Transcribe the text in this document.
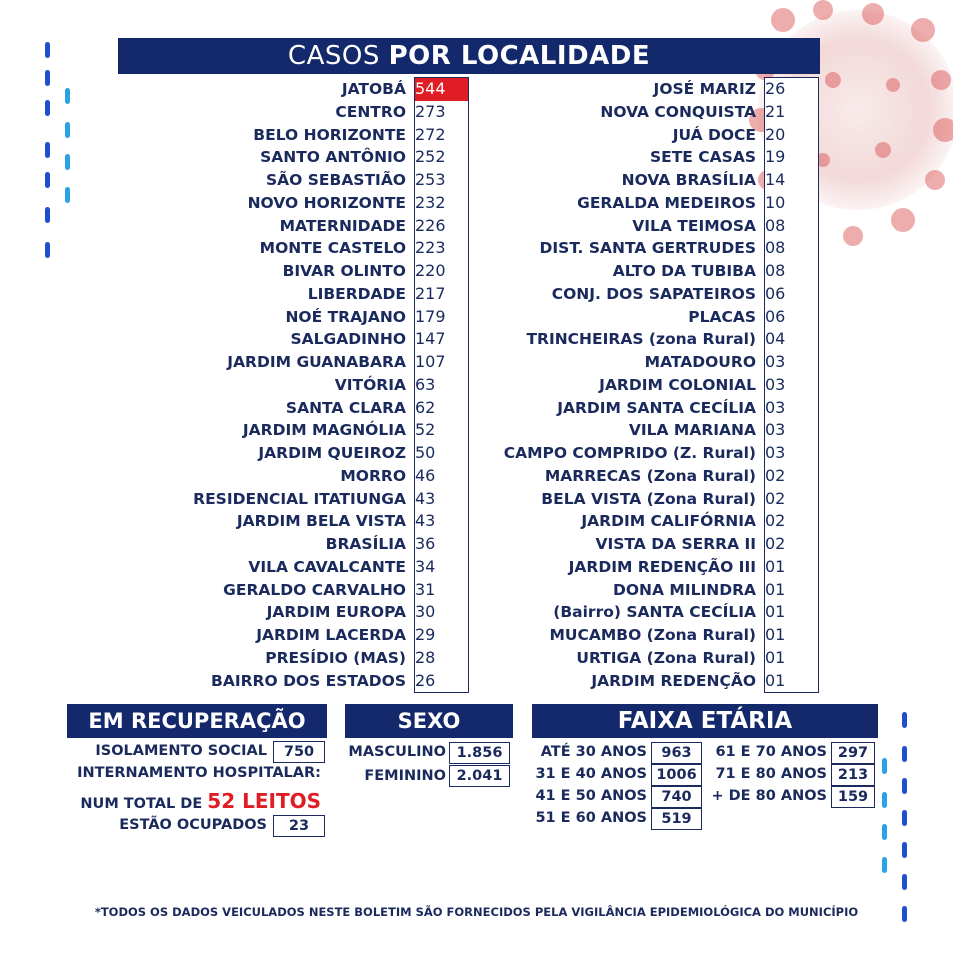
CASOS POR LOCALIDADE
JATOBÁ
CENTRO
BELO HORIZONTE
SANTO ANTÔNIO
SÃO SEBASTIÃO
NOVO HORIZONTE
MATERNIDADE
MONTE CASTELO
BIVAR OLINTO
LIBERDADE
NOÉ TRAJANO
SALGADINHO
JARDIM GUANABARA
VITÓRIA
SANTA CLARA
JARDIM MAGNÓLIA
JARDIM QUEIROZ
MORRO
RESIDENCIAL ITATIUNGA
JARDIM BELA VISTA
BRASÍLIA
VILA CAVALCANTE
GERALDO CARVALHO
JARDIM EUROPA
JARDIM LACERDA
PRESÍDIO (MAS)
BAIRRO DOS ESTADOS
544
273
272
252
253
232
226
223
220
217
179
147
107
63
62
52
50
46
43
43
36
34
31
30
29
28
26
JOSÉ MARIZ
NOVA CONQUISTA
JUÁ DOCE
SETE CASAS
NOVA BRASÍLIA
GERALDA MEDEIROS
VILA TEIMOSA
DIST. SANTA GERTRUDES
ALTO DA TUBIBA
CONJ. DOS SAPATEIROS
PLACAS
TRINCHEIRAS (zona Rural)
MATADOURO
JARDIM COLONIAL
JARDIM SANTA CECÍLIA
VILA MARIANA
CAMPO COMPRIDO (Z. Rural)
MARRECAS (Zona Rural)
BELA VISTA (Zona Rural)
JARDIM CALIFÓRNIA
VISTA DA SERRA II
JARDIM REDENÇÃO III
DONA MILINDRA
(Bairro) SANTA CECÍLIA
MUCAMBO (Zona Rural)
URTIGA (Zona Rural)
JARDIM REDENÇÃO
26
21
20
19
14
10
08
08
08
06
06
04
03
03
03
03
03
02
02
02
02
01
01
01
01
01
01
EM RECUPERAÇÃO
ISOLAMENTO SOCIAL	750
INTERNAMENTO HOSPITALAR:
NUM TOTAL DE 52 LEITOS
ESTÃO OCUPADOS	23
SEXO
MASCULINO 1.856
FEMININO 2.041
FAIXA ETÁRIA
ATÉ 30 ANOS 963
31 E 40 ANOS 1006
41 E 50 ANOS 740
51 E 60 ANOS 519
61 E 70 ANOS 297
71 E 80 ANOS 213
+ DE 80 ANOS 159
*TODOS OS DADOS VEICULADOS NESTE BOLETIM SÃO FORNECIDOS PELA VIGILÂNCIA EPIDEMIOLÓGICA DO MUNICÍPIO
